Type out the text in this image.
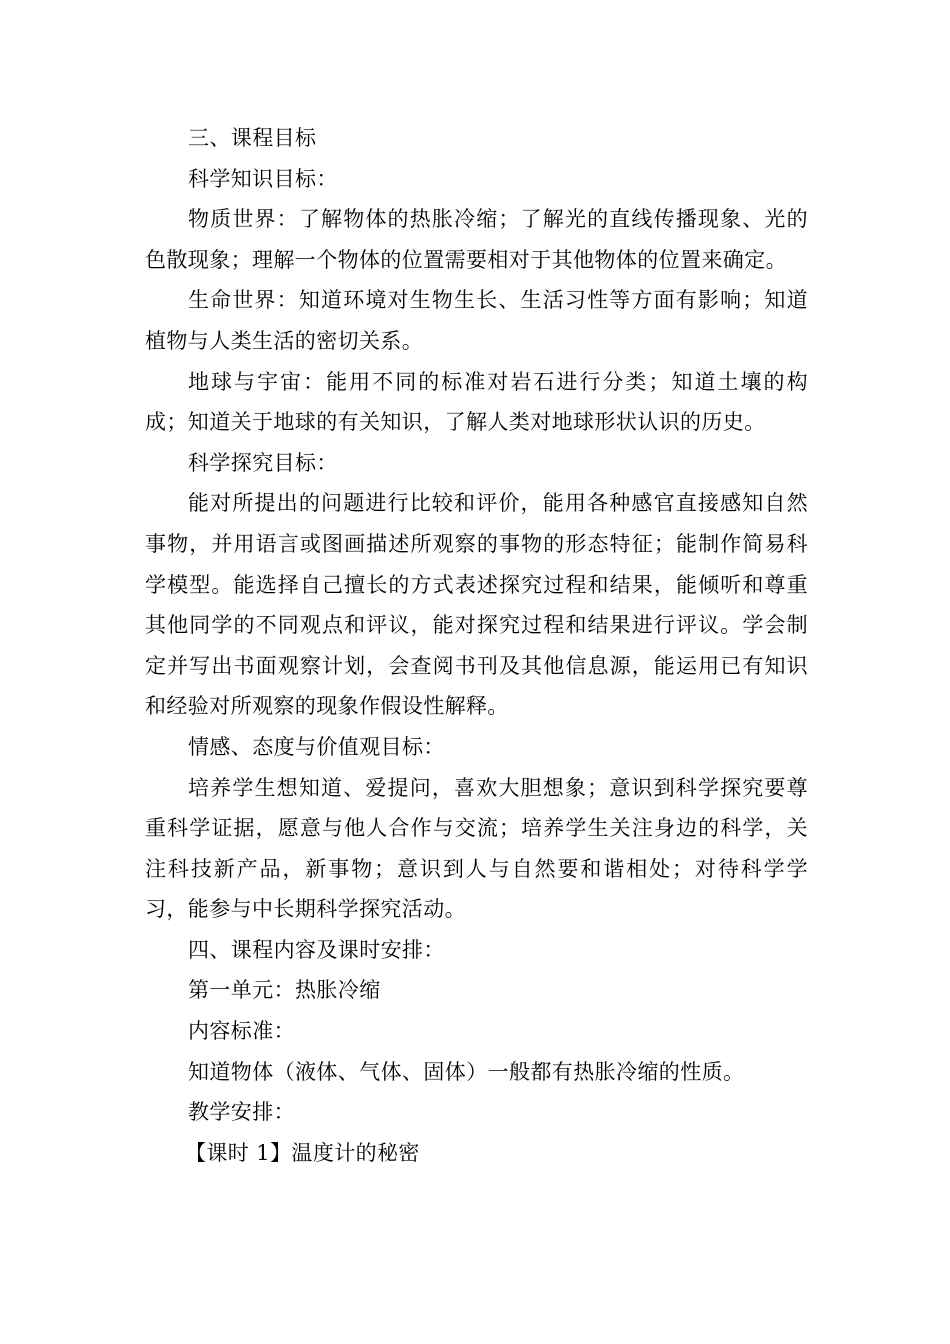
三、课程目标

科学知识目标：

物质世界：了解物体的热胀冷缩；了解光的直线传播现象、光的色散现象；理解一个物体的位置需要相对于其他物体的位置来确定。

生命世界：知道环境对生物生长、生活习性等方面有影响；知道植物与人类生活的密切关系。

地球与宇宙：能用不同的标准对岩石进行分类；知道土壤的构成；知道关于地球的有关知识，了解人类对地球形状认识的历史。

科学探究目标：

能对所提出的问题进行比较和评价，能用各种感官直接感知自然事物，并用语言或图画描述所观察的事物的形态特征；能制作简易科学模型。能选择自己擅长的方式表述探究过程和结果，能倾听和尊重其他同学的不同观点和评议，能对探究过程和结果进行评议。学会制定并写出书面观察计划，会查阅书刊及其他信息源，能运用已有知识和经验对所观察的现象作假设性解释。

情感、态度与价值观目标：

培养学生想知道、爱提问，喜欢大胆想象；意识到科学探究要尊重科学证据，愿意与他人合作与交流；培养学生关注身边的科学，关注科技新产品，新事物；意识到人与自然要和谐相处；对待科学学习，能参与中长期科学探究活动。

四、课程内容及课时安排：

第一单元：热胀冷缩

内容标准：

知道物体（液体、气体、固体）一般都有热胀冷缩的性质。

教学安排：

【课时 1】温度计的秘密
